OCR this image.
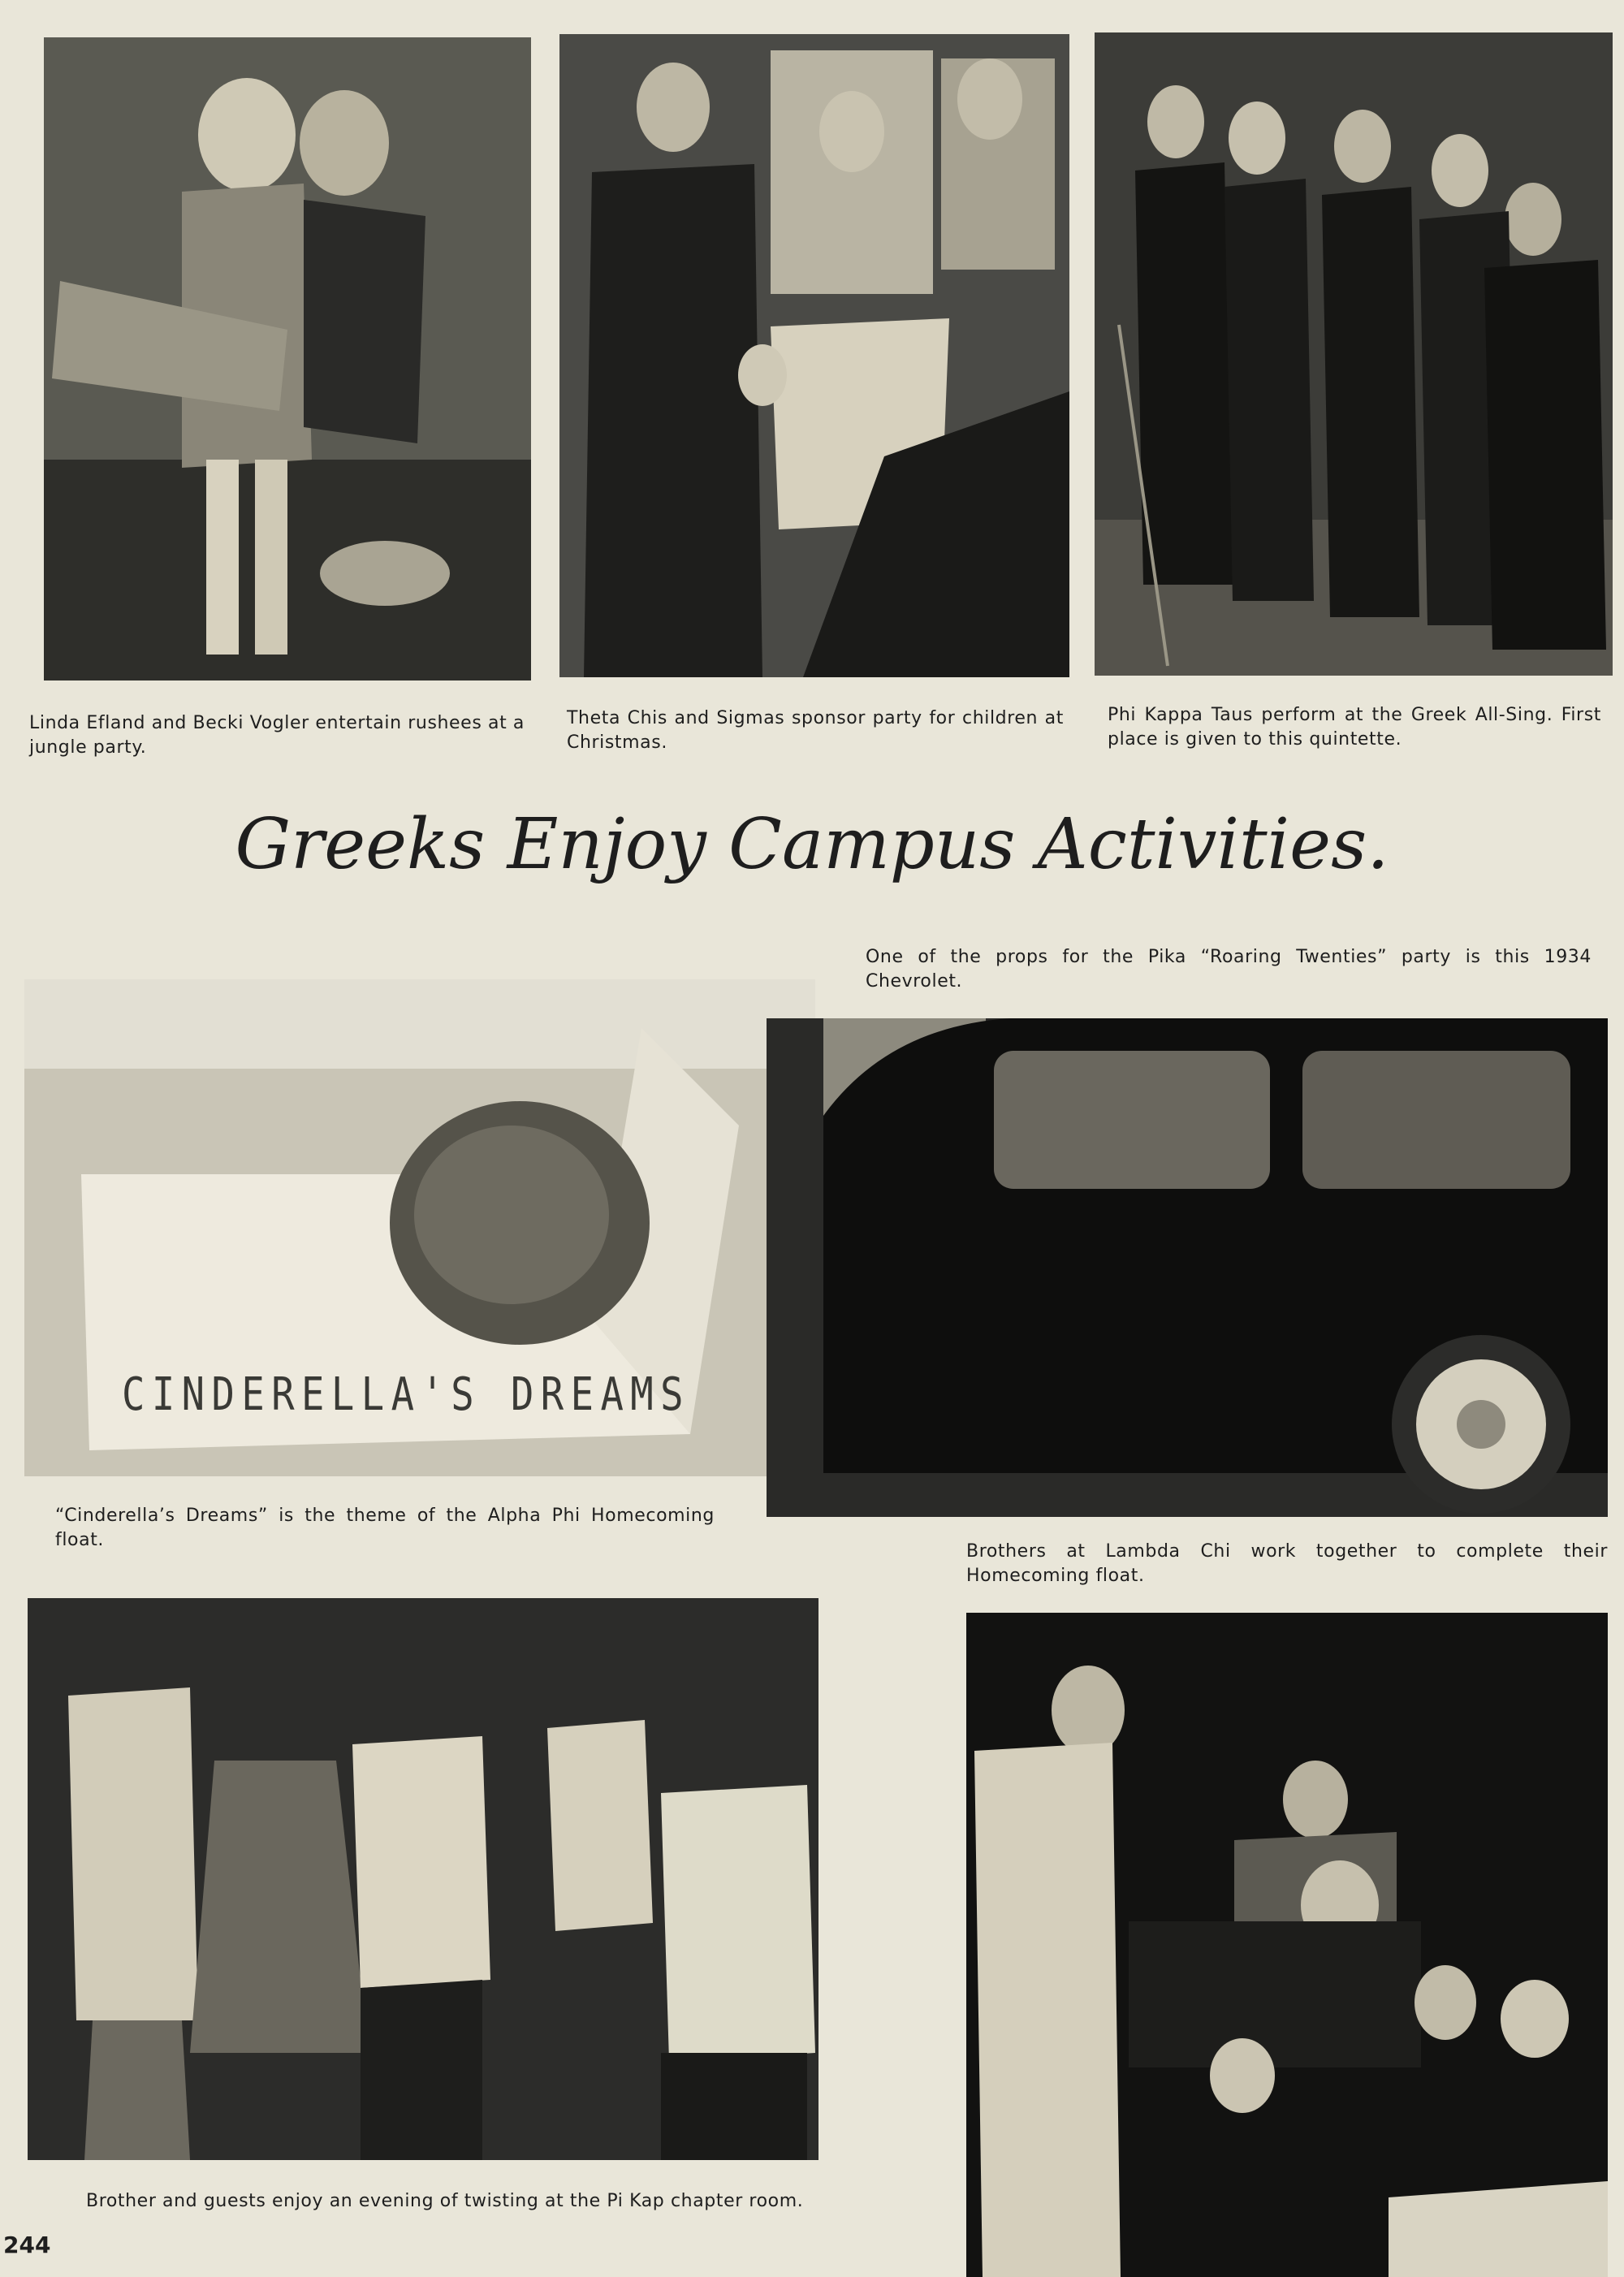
Linda Efland and Becki Vogler entertain rushees at a jungle party.

Theta Chis and Sigmas sponsor party for children at Christmas.

Phi Kappa Taus perform at the Greek All-Sing. First place is given to this quintette.

Greeks Enjoy Campus Activities.

One of the props for the Pika “Roaring Twenties” party is this 1934 Chevrolet.

CINDERELLA'S DREAMS

“Cinderella’s Dreams” is the theme of the Alpha Phi Homecoming float.

Brothers at Lambda Chi work together to complete their Homecoming float.

Brother and guests enjoy an evening of twisting at the Pi Kap chapter room.

244
